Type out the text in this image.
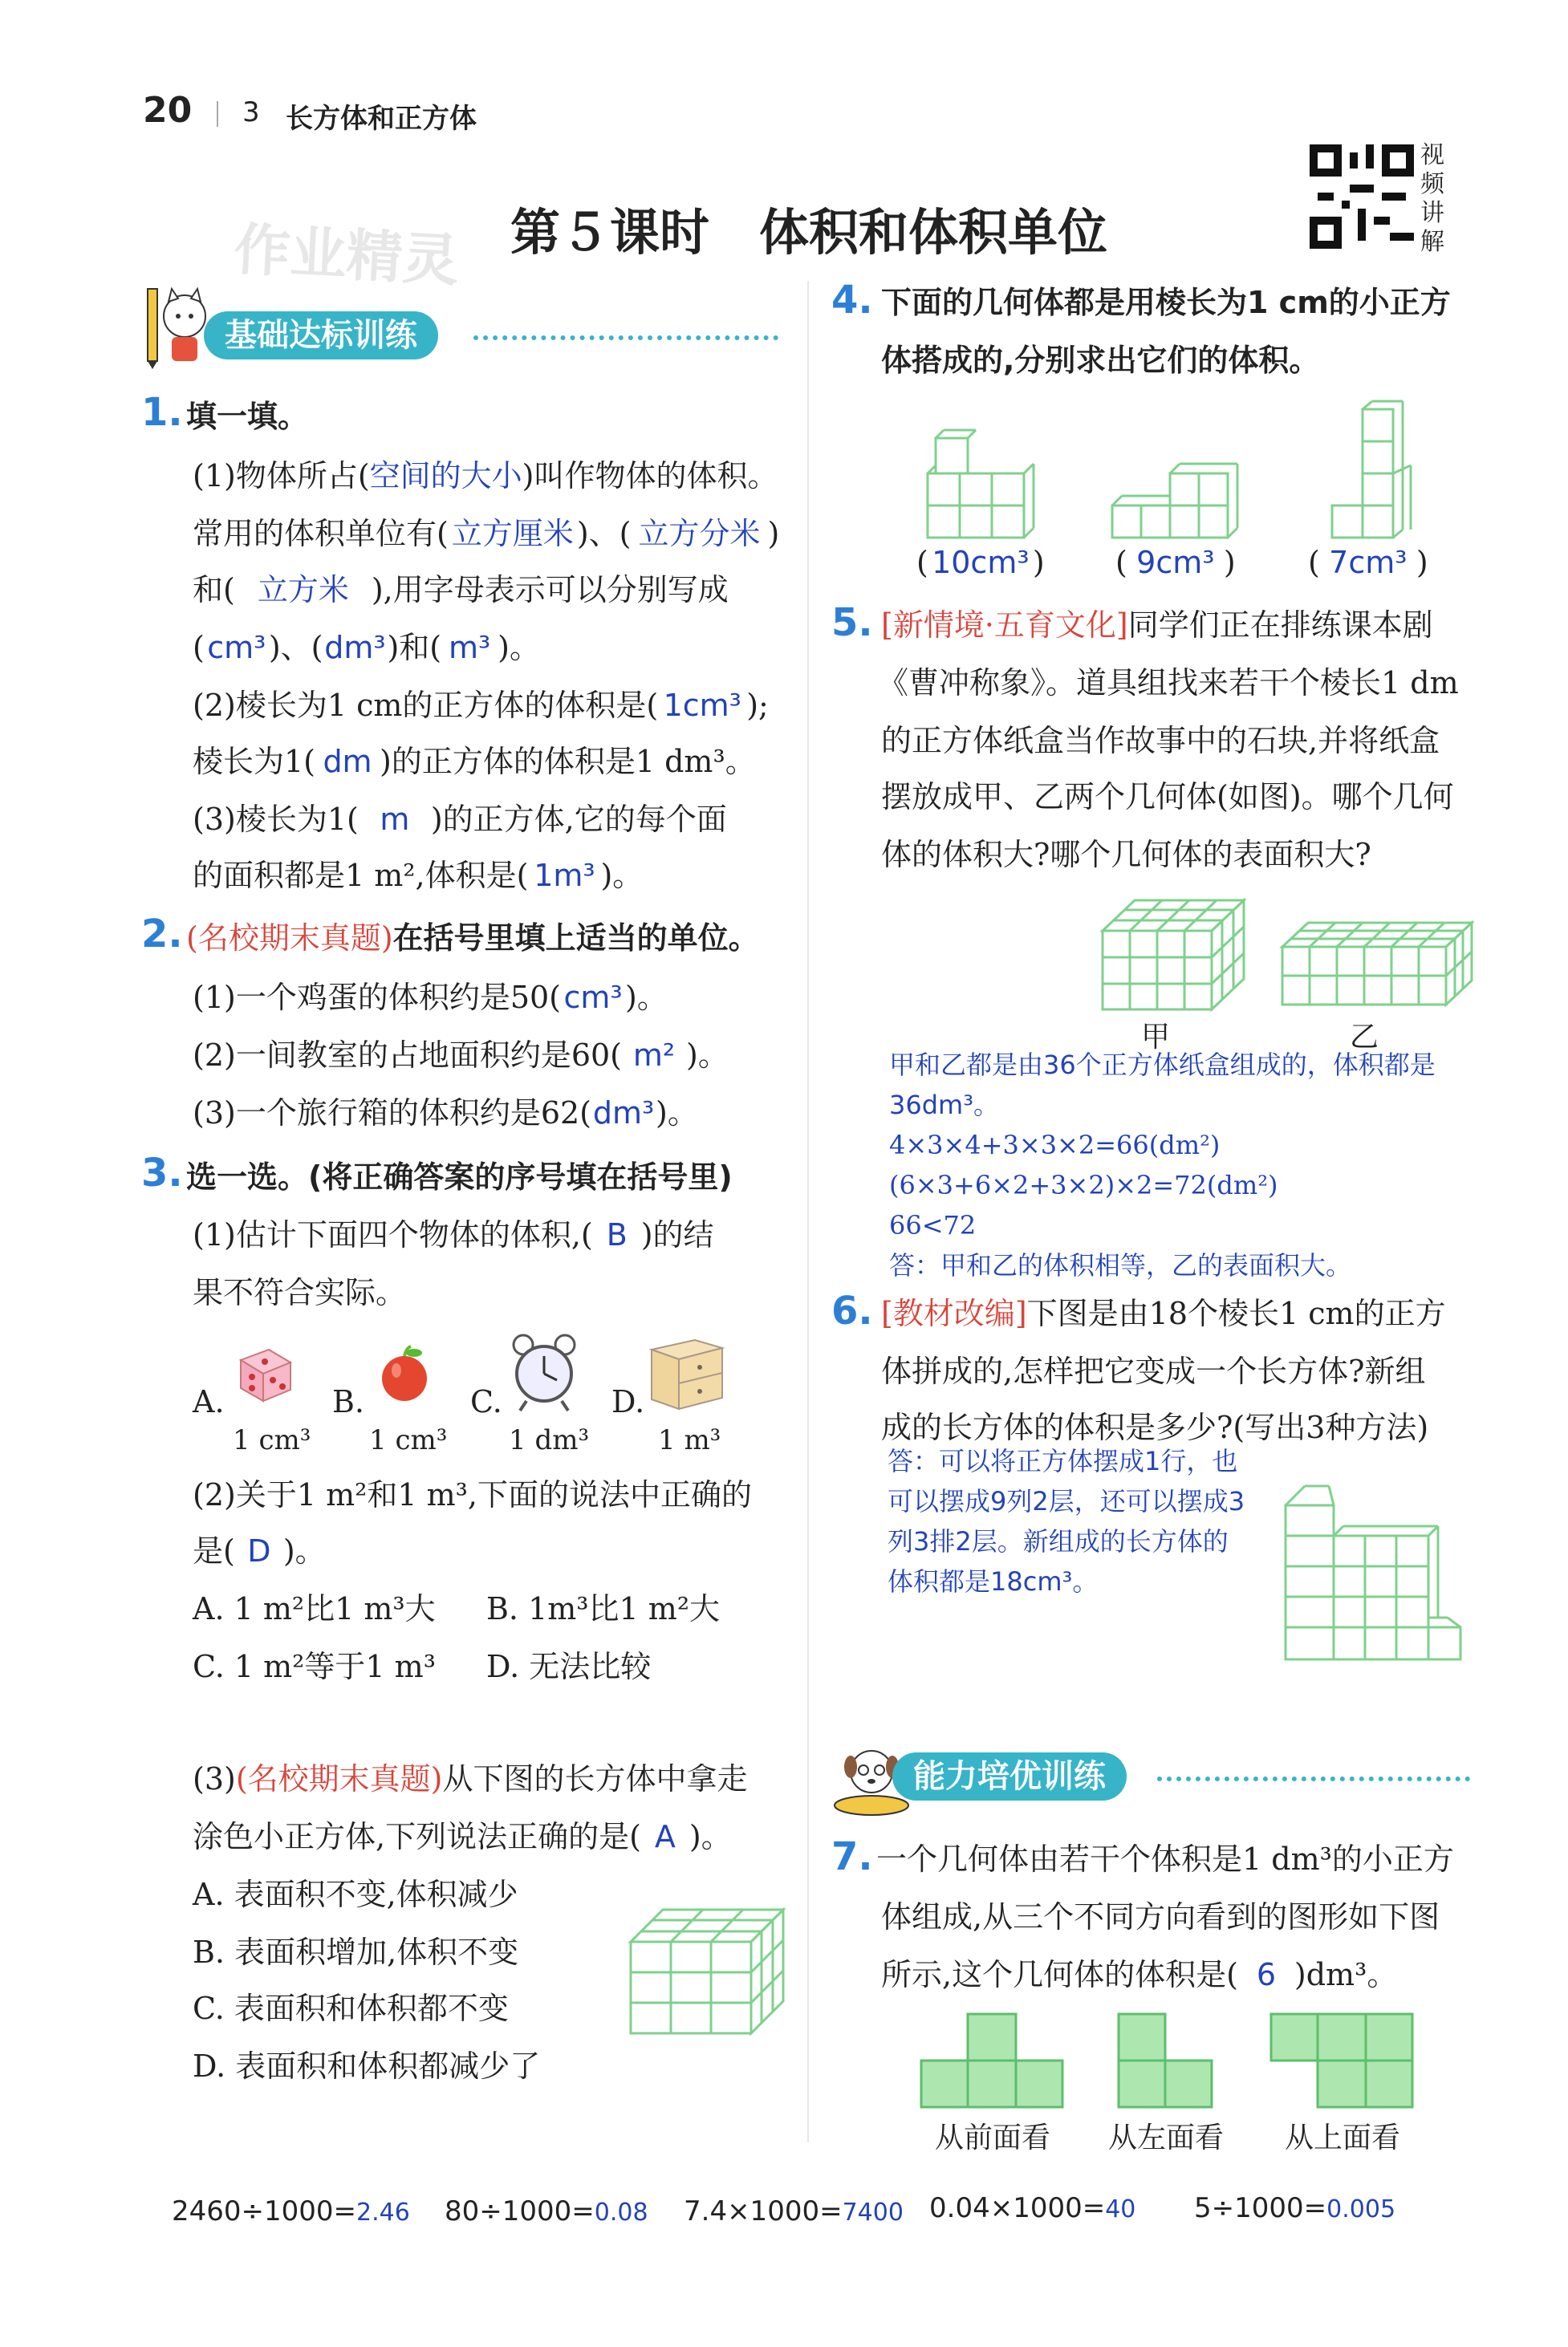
20 3 长方体和正方体
作业精灵 第５课时　体积和体积单位
视
频
讲
解
基础达标训练
1. 填一填。
(1)物体所占(空间的大小)叫作物体的体积。
常用的体积单位有( 立方厘米 )、( 立方分米 )
和( 立方米 ),用字母表示可以分别写成
(cm³)、(dm³)和( m³ )。
(2)棱长为1 cm的正方体的体积是( 1cm³ );
棱长为1( dm )的正方体的体积是1 dm³。
(3)棱长为1( m )的正方体,它的每个面
的面积都是1 m²,体积是( 1m³ )。
2. (名校期末真题)在括号里填上适当的单位。
(1)一个鸡蛋的体积约是50(cm³)。
(2)一间教室的占地面积约是60( m² )。
(3)一个旅行箱的体积约是62(dm³)。
3. 选一选。(将正确答案的序号填在括号里)
(1)估计下面四个物体的体积,( B )的结
果不符合实际。
A.
1 cm³
B.
1 cm³
C.
1 dm³
D.
1 m³
(2)关于1 m²和1 m³,下面的说法中正确的
是( D )。
A. 1 m²比1 m³大 B. 1m³比1 m²大
C. 1 m²等于1 m³ D. 无法比较
(3)(名校期末真题)从下图的长方体中拿走
涂色小正方体,下列说法正确的是( A )。
A. 表面积不变,体积减少
B. 表面积增加,体积不变
C. 表面积和体积都不变
D. 表面积和体积都减少了
4. 下面的几何体都是用棱长为1 cm的小正方
体搭成的,分别求出它们的体积。
( 10cm³ ) ( 9cm³ ) ( 7cm³ )
5. [新情境·五育文化]同学们正在排练课本剧
《曹冲称象》。道具组找来若干个棱长1 dm
的正方体纸盒当作故事中的石块,并将纸盒
摆放成甲、乙两个几何体(如图)。哪个几何
体的体积大?哪个几何体的表面积大?
甲	乙
甲和乙都是由36个正方体纸盒组成的，体积都是
36dm³。
4×3×4+3×3×2=66(dm²)
(6×3+6×2+3×2)×2=72(dm²)
66<72
答：甲和乙的体积相等，乙的表面积大。
6. [教材改编]下图是由18个棱长1 cm的正方
体拼成的,怎样把它变成一个长方体?新组
成的长方体的体积是多少?(写出3种方法)
答：可以将正方体摆成1行，也
可以摆成9列2层，还可以摆成3
列3排2层。新组成的长方体的
体积都是18cm³。
能力培优训练
7. 一个几何体由若干个体积是1 dm³的小正方
体组成,从三个不同方向看到的图形如下图
所示,这个几何体的体积是( 6 )dm³。
从前面看	从左面看	从上面看
2460÷1000=2.46 80÷1000=0.08 7.4×1000=7400 0.04×1000=40 5÷1000=0.005
